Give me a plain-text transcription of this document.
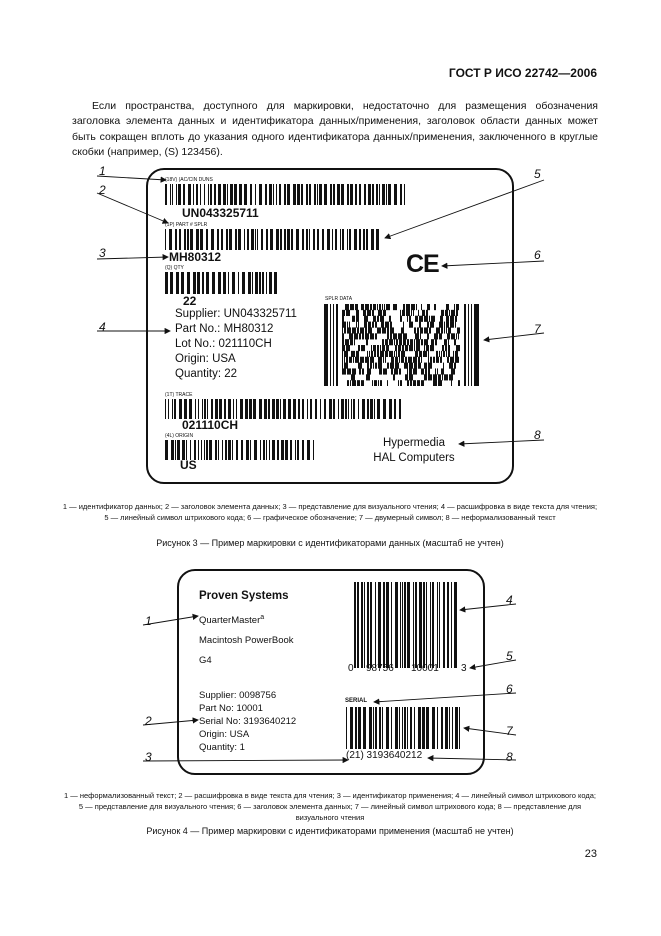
ГОСТ Р ИСО 22742—2006
Если пространства, доступного для маркировки, недостаточно для размещения обозначения заголовка элемента данных и идентификатора данных/применения, заголовок области данных может быть сокращен вплоть до указания одного идентификатора данных/применения, заключенного в круглые скобки (например, (S) 123456).
(18V) (AC/CIN DUNS
UN043325711
(1P) PART # SPLR
MH80312
(Q) QTY
22
Supplier: UN043325711
Part No.: MH80312
Lot No.: 021110CH
Origin: USA
Quantity: 22
CE
SPLR DATA
(1T) TRACE
021110CH
(4L) ORIGIN
US
Hypermedia
HAL Computers
1
2
3
4
5
6
7
8
1 — идентификатор данных; 2 — заголовок элемента данных; 3 — представление для визуального чтения; 4 — расшифровка в виде текста для чтения; 5 — линейный символ штрихового кода; 6 — графическое обозначение; 7 — двумерный символ; 8 — неформализованный текст
Рисунок 3 — Пример маркировки с идентификаторами данных (масштаб не учтен)
Proven Systems
QuarterMaster$^a$
Macintosh PowerBook
G4
Supplier: 0098756
Part No: 10001
Serial No: 3193640212
Origin: USA
Quantity: 1
0 98756 10001 3
SERIAL
(21) 3193640212
1
2
3
4
5
6
7
8
1 — неформализованный текст; 2 — расшифровка в виде текста для чтения; 3 — идентификатор применения; 4 — линейный символ штрихового кода; 5 — представление для визуального чтения; 6 — заголовок элемента данных; 7 — линейный символ штрихового кода; 8 — представление для визуального чтения
Рисунок 4 — Пример маркировки с идентификаторами применения (масштаб не учтен)
23
